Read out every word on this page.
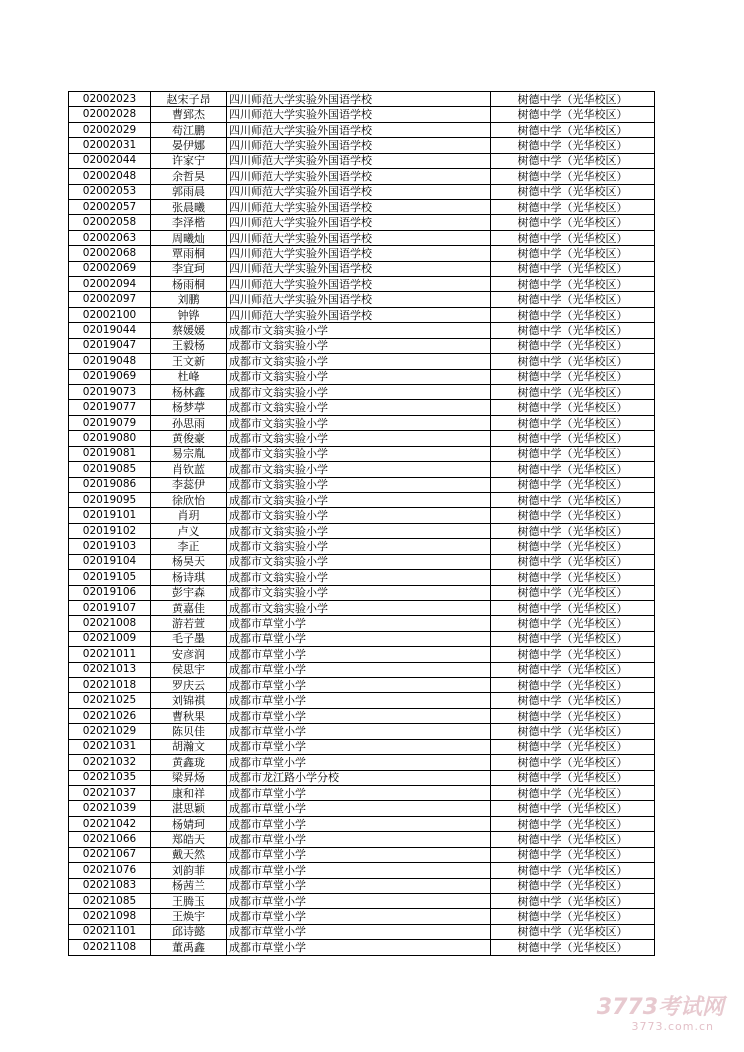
02002023	赵宋子昂	四川师范大学实验外国语学校	树德中学（光华校区）
02002028	曹郅杰	四川师范大学实验外国语学校	树德中学（光华校区）
02002029	苟江鹏	四川师范大学实验外国语学校	树德中学（光华校区）
02002031	晏伊娜	四川师范大学实验外国语学校	树德中学（光华校区）
02002044	许家宁	四川师范大学实验外国语学校	树德中学（光华校区）
02002048	余哲昊	四川师范大学实验外国语学校	树德中学（光华校区）
02002053	郭雨晨	四川师范大学实验外国语学校	树德中学（光华校区）
02002057	张晨曦	四川师范大学实验外国语学校	树德中学（光华校区）
02002058	李泽楷	四川师范大学实验外国语学校	树德中学（光华校区）
02002063	周曦灿	四川师范大学实验外国语学校	树德中学（光华校区）
02002068	覃雨桐	四川师范大学实验外国语学校	树德中学（光华校区）
02002069	李宜珂	四川师范大学实验外国语学校	树德中学（光华校区）
02002094	杨雨桐	四川师范大学实验外国语学校	树德中学（光华校区）
02002097	刘鹏	四川师范大学实验外国语学校	树德中学（光华校区）
02002100	钟铧	四川师范大学实验外国语学校	树德中学（光华校区）
02019044	蔡媛媛	成都市文翁实验小学	树德中学（光华校区）
02019047	王毅杨	成都市文翁实验小学	树德中学（光华校区）
02019048	王文新	成都市文翁实验小学	树德中学（光华校区）
02019069	杜峰	成都市文翁实验小学	树德中学（光华校区）
02019073	杨林鑫	成都市文翁实验小学	树德中学（光华校区）
02019077	杨梦葶	成都市文翁实验小学	树德中学（光华校区）
02019079	孙思雨	成都市文翁实验小学	树德中学（光华校区）
02019080	黄俊豪	成都市文翁实验小学	树德中学（光华校区）
02019081	易宗胤	成都市文翁实验小学	树德中学（光华校区）
02019085	肖钦蓝	成都市文翁实验小学	树德中学（光华校区）
02019086	李蕊伊	成都市文翁实验小学	树德中学（光华校区）
02019095	徐欣怡	成都市文翁实验小学	树德中学（光华校区）
02019101	肖玥	成都市文翁实验小学	树德中学（光华校区）
02019102	卢义	成都市文翁实验小学	树德中学（光华校区）
02019103	李正	成都市文翁实验小学	树德中学（光华校区）
02019104	杨昊天	成都市文翁实验小学	树德中学（光华校区）
02019105	杨诗琪	成都市文翁实验小学	树德中学（光华校区）
02019106	彭宇森	成都市文翁实验小学	树德中学（光华校区）
02019107	黄嘉佳	成都市文翁实验小学	树德中学（光华校区）
02021008	游若萱	成都市草堂小学	树德中学（光华校区）
02021009	毛子墨	成都市草堂小学	树德中学（光华校区）
02021011	安彦润	成都市草堂小学	树德中学（光华校区）
02021013	侯思宇	成都市草堂小学	树德中学（光华校区）
02021018	罗庆云	成都市草堂小学	树德中学（光华校区）
02021025	刘锦祺	成都市草堂小学	树德中学（光华校区）
02021026	曹秋果	成都市草堂小学	树德中学（光华校区）
02021029	陈贝佳	成都市草堂小学	树德中学（光华校区）
02021031	胡瀚文	成都市草堂小学	树德中学（光华校区）
02021032	黄鑫珑	成都市草堂小学	树德中学（光华校区）
02021035	梁昇炀	成都市龙江路小学分校	树德中学（光华校区）
02021037	康和祥	成都市草堂小学	树德中学（光华校区）
02021039	湛思颖	成都市草堂小学	树德中学（光华校区）
02021042	杨婧珂	成都市草堂小学	树德中学（光华校区）
02021066	郑皓天	成都市草堂小学	树德中学（光华校区）
02021067	戴天然	成都市草堂小学	树德中学（光华校区）
02021076	刘韵菲	成都市草堂小学	树德中学（光华校区）
02021083	杨茜兰	成都市草堂小学	树德中学（光华校区）
02021085	王腾玉	成都市草堂小学	树德中学（光华校区）
02021098	王焕宇	成都市草堂小学	树德中学（光华校区）
02021101	邱诗懿	成都市草堂小学	树德中学（光华校区）
02021108	董禹鑫	成都市草堂小学	树德中学（光华校区）
3773考试网
3773.com.cn
